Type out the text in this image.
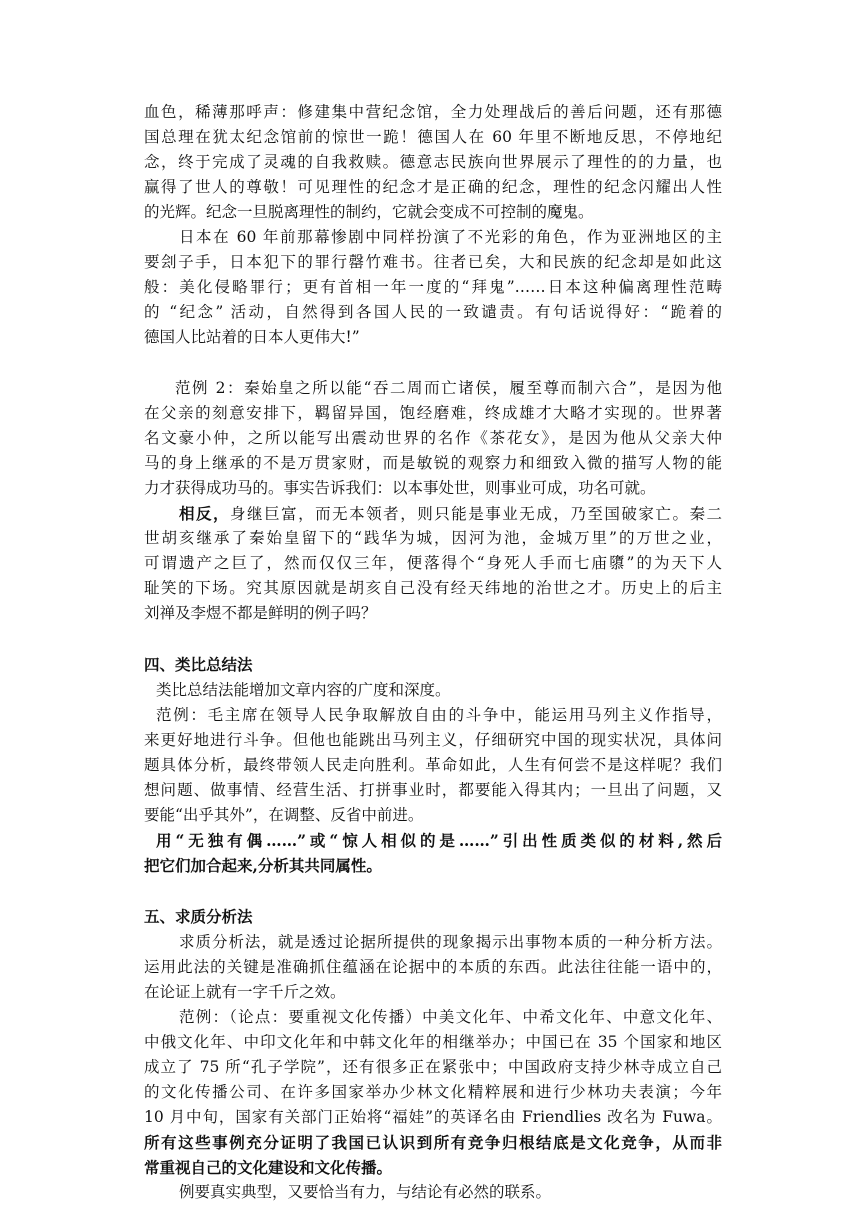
血色，稀薄那呼声：修建集中营纪念馆，全力处理战后的善后问题，还有那德
国总理在犹太纪念馆前的惊世一跪！德国人在 60 年里不断地反思，不停地纪
念，终于完成了灵魂的自我救赎。德意志民族向世界展示了理性的的力量，也
赢得了世人的尊敬！可见理性的纪念才是正确的纪念，理性的纪念闪耀出人性
的光辉。纪念一旦脱离理性的制约，它就会变成不可控制的魔鬼。
日本在 60 年前那幕惨剧中同样扮演了不光彩的角色，作为亚洲地区的主
要刽子手，日本犯下的罪行罄竹难书。往者已矣，大和民族的纪念却是如此这
般：美化侵略罪行；更有首相一年一度的“拜鬼”……日本这种偏离理性范畴
的 “纪念” 活动，自然得到各国人民的一致谴责。有句话说得好：“跪着的
德国人比站着的日本人更伟大!”
范例 2：秦始皇之所以能“吞二周而亡诸侯，履至尊而制六合”，是因为他
在父亲的刻意安排下，羁留异国，饱经磨难，终成雄才大略才实现的。世界著
名文豪小仲，之所以能写出震动世界的名作《茶花女》，是因为他从父亲大仲
马的身上继承的不是万贯家财，而是敏锐的观察力和细致入微的描写人物的能
力才获得成功马的。事实告诉我们：以本事处世，则事业可成，功名可就。
相反，身继巨富，而无本领者，则只能是事业无成，乃至国破家亡。秦二
世胡亥继承了秦始皇留下的“践华为城，因河为池，金城万里”的万世之业，
可谓遗产之巨了，然而仅仅三年，便落得个“身死人手而七庙隳”的为天下人
耻笑的下场。究其原因就是胡亥自己没有经天纬地的治世之才。历史上的后主
刘禅及李煜不都是鲜明的例子吗？
四、类比总结法
类比总结法能增加文章内容的广度和深度。
范例：毛主席在领导人民争取解放自由的斗争中，能运用马列主义作指导，
来更好地进行斗争。但他也能跳出马列主义，仔细研究中国的现实状况，具体问
题具体分析，最终带领人民走向胜利。革命如此，人生有何尝不是这样呢？我们
想问题、做事情、经营生活、打拼事业时，都要能入得其内；一旦出了问题，又
要能“出乎其外”，在调整、反省中前进。
用“无独有偶……”或“惊人相似的是……”引出性质类似的材料,然后
把它们加合起来,分析其共同属性。
五、求质分析法
求质分析法，就是透过论据所提供的现象揭示出事物本质的一种分析方法。
运用此法的关键是准确抓住蕴涵在论据中的本质的东西。此法往往能一语中的，
在论证上就有一字千斤之效。
范例：（论点：要重视文化传播）中美文化年、中希文化年、中意文化年、
中俄文化年、中印文化年和中韩文化年的相继举办；中国已在 35 个国家和地区
成立了 75 所“孔子学院”，还有很多正在紧张中；中国政府支持少林寺成立自己
的文化传播公司、在许多国家举办少林文化精粹展和进行少林功夫表演；今年
10 月中旬，国家有关部门正始将“福娃”的英译名由 Friendlies 改名为 Fuwa。
所有这些事例充分证明了我国已认识到所有竞争归根结底是文化竞争，从而非
常重视自己的文化建设和文化传播。
例要真实典型，又要恰当有力，与结论有必然的联系。
